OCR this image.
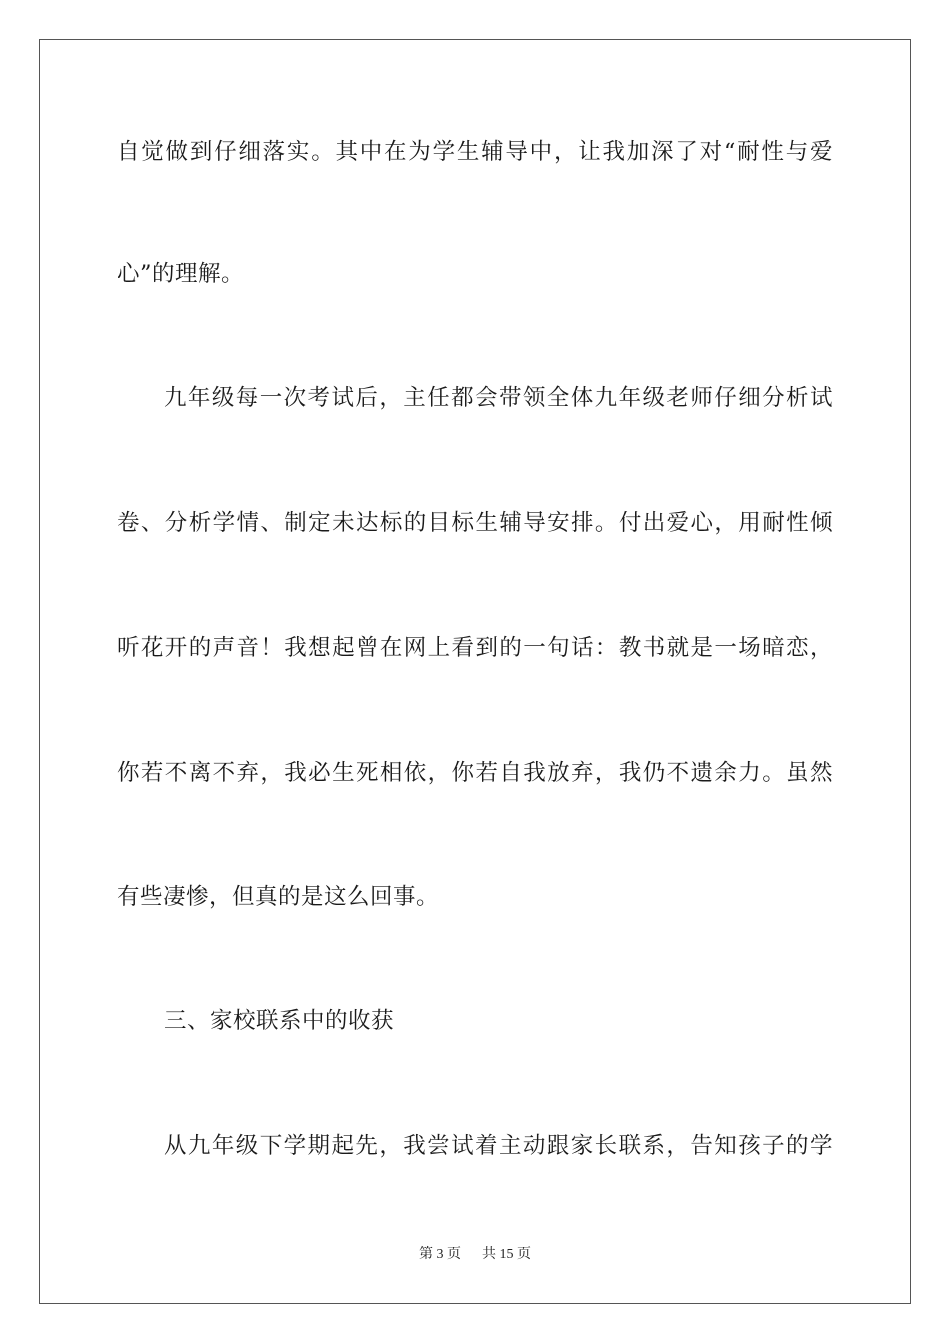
自觉做到仔细落实。其中在为学生辅导中，让我加深了对“耐性与爱
心”的理解。
九年级每一次考试后，主任都会带领全体九年级老师仔细分析试
卷、分析学情、制定未达标的目标生辅导安排。付出爱心，用耐性倾
听花开的声音！我想起曾在网上看到的一句话：教书就是一场暗恋，
你若不离不弃，我必生死相依，你若自我放弃，我仍不遗余力。虽然
有些凄惨，但真的是这么回事。
三、家校联系中的收获
从九年级下学期起先，我尝试着主动跟家长联系，告知孩子的学
第 3 页 共 15 页
